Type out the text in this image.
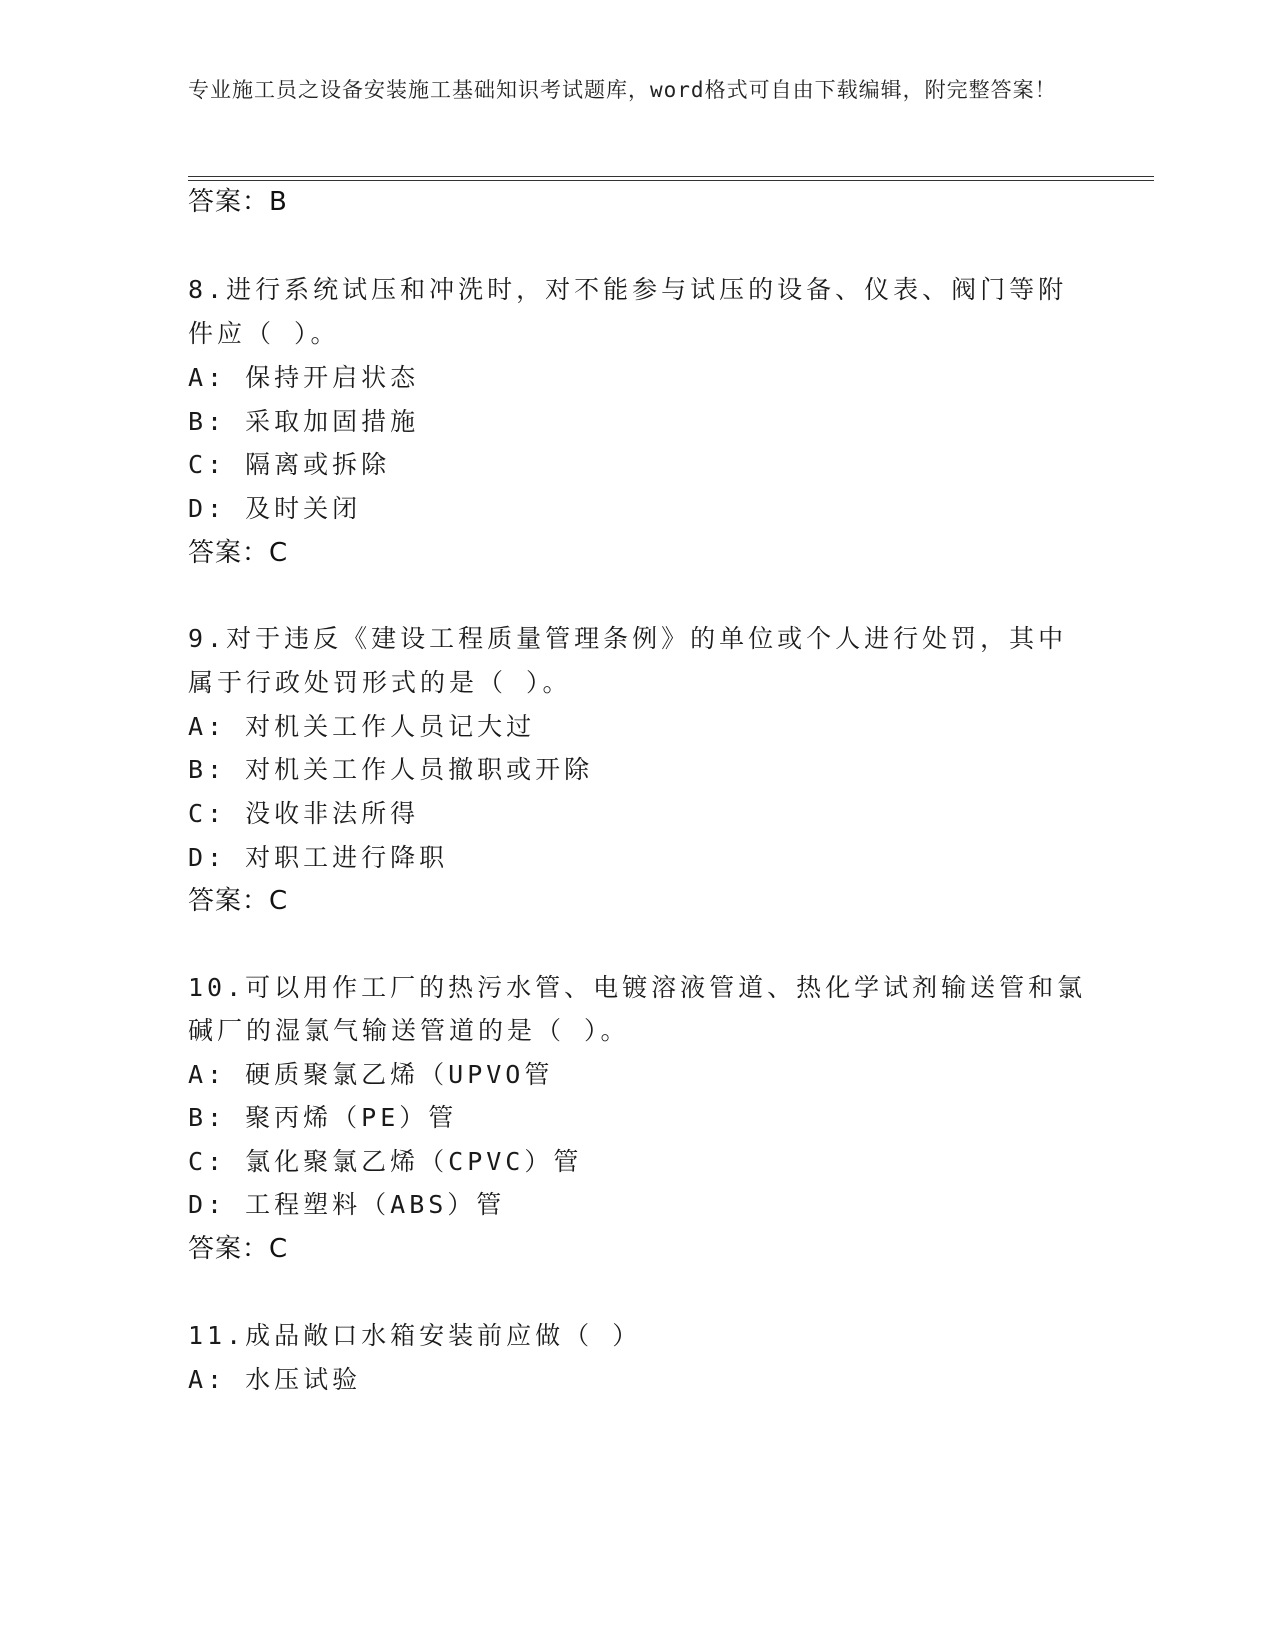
专业施工员之设备安装施工基础知识考试题库，word格式可自由下载编辑，附完整答案！
答案：B
8.进行系统试压和冲洗时，对不能参与试压的设备、仪表、阀门等附
件应（ ）。
A: 保持开启状态
B: 采取加固措施
C: 隔离或拆除
D: 及时关闭
答案：C
9.对于违反《建设工程质量管理条例》的单位或个人进行处罚，其中
属于行政处罚形式的是（ ）。
A: 对机关工作人员记大过
B: 对机关工作人员撤职或开除
C: 没收非法所得
D: 对职工进行降职
答案：C
10.可以用作工厂的热污水管、电镀溶液管道、热化学试剂输送管和氯
碱厂的湿氯气输送管道的是（ ）。
A: 硬质聚氯乙烯（UPVO管
B: 聚丙烯（PE）管
C: 氯化聚氯乙烯（CPVC）管
D: 工程塑料（ABS）管
答案：C
11.成品敞口水箱安装前应做（ ）
A: 水压试验
